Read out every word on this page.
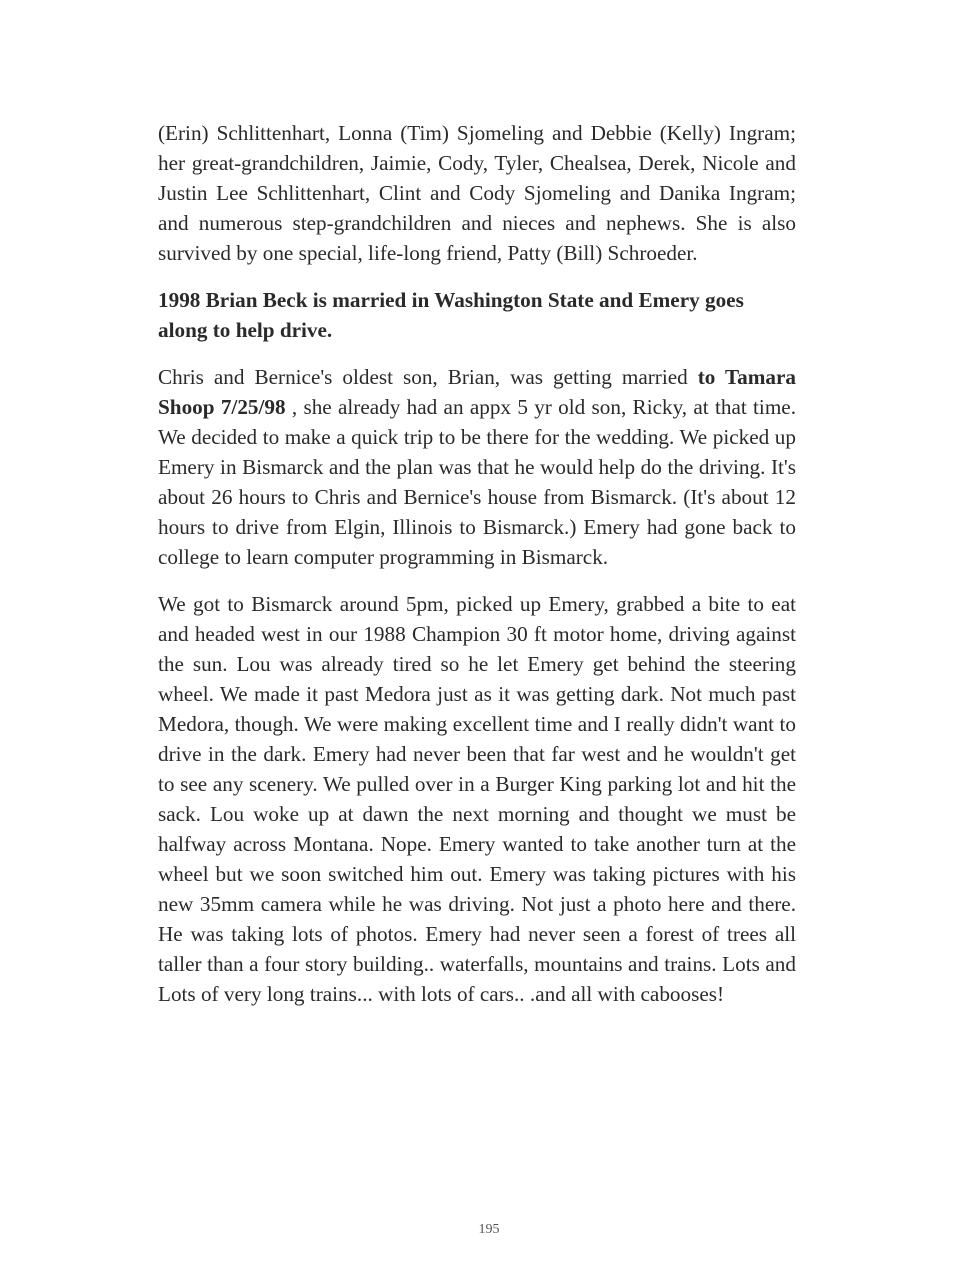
(Erin) Schlittenhart, Lonna (Tim) Sjomeling and Debbie (Kelly) Ingram; her great-grandchildren, Jaimie, Cody, Tyler, Chealsea, Derek, Nicole and Justin Lee Schlittenhart, Clint and Cody Sjomeling and Danika Ingram; and numerous step-grandchildren and nieces and nephews. She is also survived by one special, life-long friend, Patty (Bill) Schroeder.

1998 Brian Beck is married in Washington State and Emery goes along to help drive.

Chris and Bernice's oldest son, Brian, was getting married to Tamara Shoop 7/25/98 , she already had an appx 5 yr old son, Ricky, at that time. We decided to make a quick trip to be there for the wedding. We picked up Emery in Bismarck and the plan was that he would help do the driving. It's about 26 hours to Chris and Bernice's house from Bismarck. (It's about 12 hours to drive from Elgin, Illinois to Bismarck.) Emery had gone back to college to learn computer programming in Bismarck.

We got to Bismarck around 5pm, picked up Emery, grabbed a bite to eat and headed west in our 1988 Champion 30 ft motor home, driving against the sun. Lou was already tired so he let Emery get behind the steering wheel. We made it past Medora just as it was getting dark. Not much past Medora, though. We were making excellent time and I really didn't want to drive in the dark. Emery had never been that far west and he wouldn't get to see any scenery. We pulled over in a Burger King parking lot and hit the sack. Lou woke up at dawn the next morning and thought we must be halfway across Montana. Nope. Emery wanted to take another turn at the wheel but we soon switched him out. Emery was taking pictures with his new 35mm camera while he was driving. Not just a photo here and there. He was taking lots of photos. Emery had never seen a forest of trees all taller than a four story building.. waterfalls, mountains and trains. Lots and Lots of very long trains... with lots of cars.. .and all with cabooses!

195
